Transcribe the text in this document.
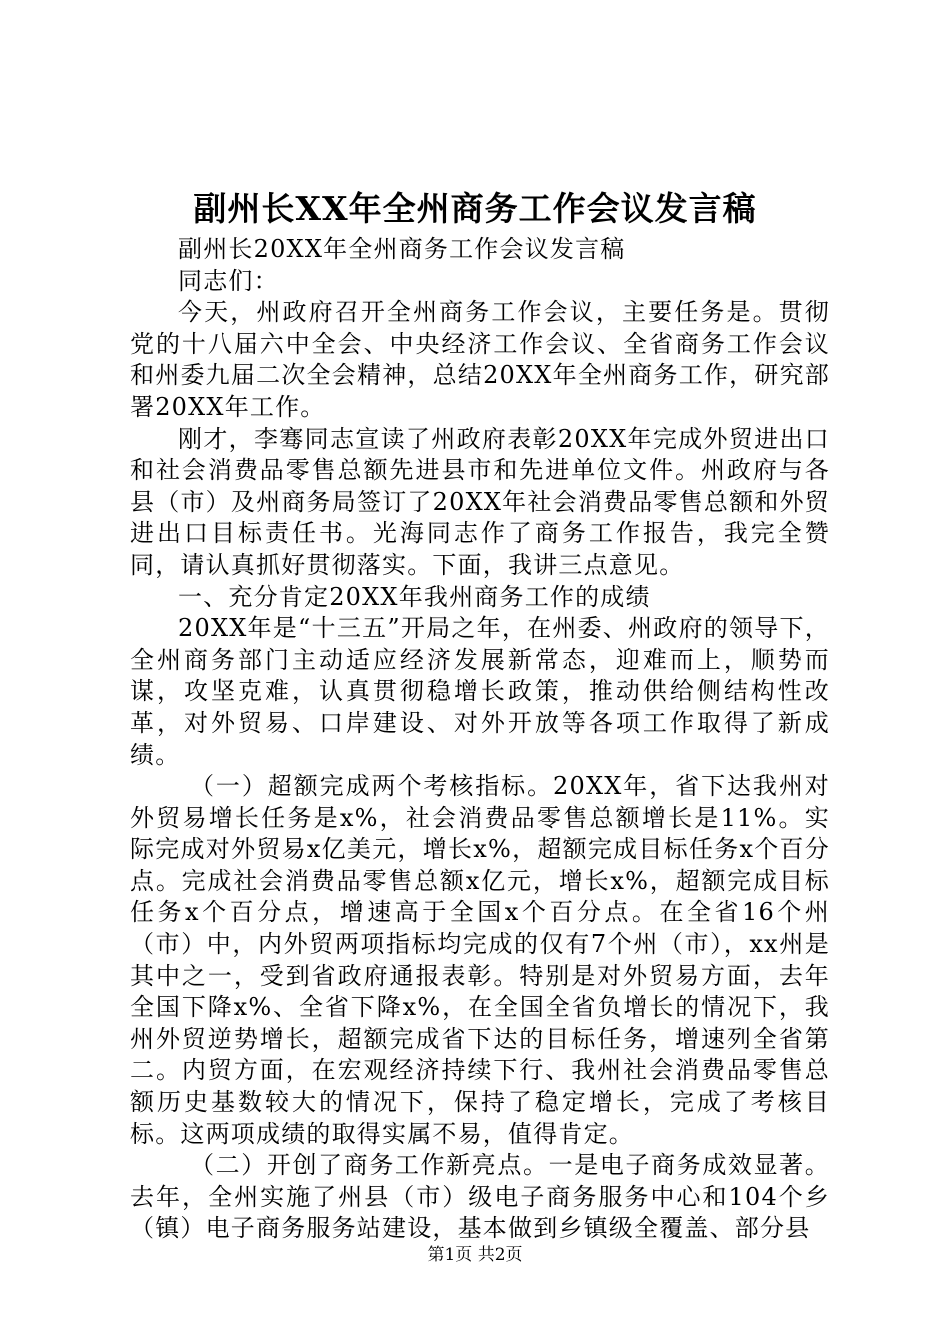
副州长XX年全州商务工作会议发言稿

副州长20XX年全州商务工作会议发言稿

同志们：

今天，州政府召开全州商务工作会议，主要任务是。贯彻党的十八届六中全会、中央经济工作会议、全省商务工作会议和州委九届二次全会精神，总结20XX年全州商务工作，研究部署20XX年工作。

刚才，李骞同志宣读了州政府表彰20XX年完成外贸进出口和社会消费品零售总额先进县市和先进单位文件。州政府与各县（市）及州商务局签订了20XX年社会消费品零售总额和外贸进出口目标责任书。光海同志作了商务工作报告，我完全赞同，请认真抓好贯彻落实。下面，我讲三点意见。

一、充分肯定20XX年我州商务工作的成绩

20XX年是“十三五”开局之年，在州委、州政府的领导下，全州商务部门主动适应经济发展新常态，迎难而上，顺势而谋，攻坚克难，认真贯彻稳增长政策，推动供给侧结构性改革，对外贸易、口岸建设、对外开放等各项工作取得了新成绩。

（一）超额完成两个考核指标。20XX年，省下达我州对外贸易增长任务是x%，社会消费品零售总额增长是11%。实际完成对外贸易x亿美元，增长x%，超额完成目标任务x个百分点。完成社会消费品零售总额x亿元，增长x%，超额完成目标任务x个百分点，增速高于全国x个百分点。在全省16个州（市）中，内外贸两项指标均完成的仅有7个州（市），xx州是其中之一，受到省政府通报表彰。特别是对外贸易方面，去年全国下降x%、全省下降x%，在全国全省负增长的情况下，我州外贸逆势增长，超额完成省下达的目标任务，增速列全省第二。内贸方面，在宏观经济持续下行、我州社会消费品零售总额历史基数较大的情况下，保持了稳定增长，完成了考核目标。这两项成绩的取得实属不易，值得肯定。

（二）开创了商务工作新亮点。一是电子商务成效显著。去年，全州实施了州县（市）级电子商务服务中心和104个乡（镇）电子商务服务站建设，基本做到乡镇级全覆盖、部分县

第1页 共2页
